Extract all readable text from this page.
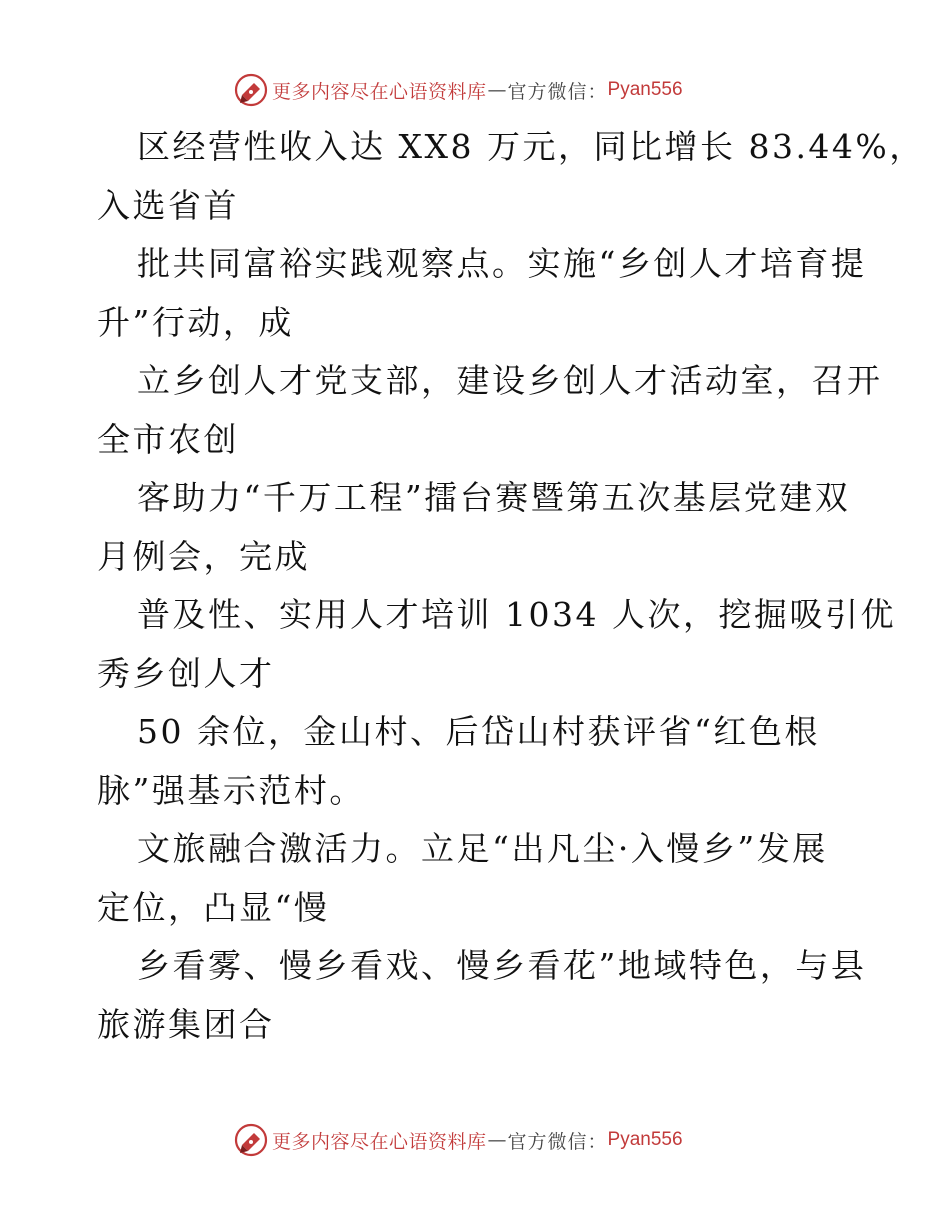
更多内容尽在心语资料库 — 官方微信： Pyan556
区经营性收入达 XX8 万元，同比增长 83.44%，
入选省首
批共同富裕实践观察点。实施“乡创人才培育提
升”行动，成
立乡创人才党支部，建设乡创人才活动室，召开
全市农创
客助力“千万工程”擂台赛暨第五次基层党建双
月例会，完成
普及性、实用人才培训 1034 人次，挖掘吸引优
秀乡创人才
50 余位，金山村、后岱山村获评省“红色根
脉”强基示范村。
文旅融合激活力。立足“出凡尘·入慢乡”发展
定位，凸显“慢
乡看雾、慢乡看戏、慢乡看花”地域特色，与县
旅游集团合
更多内容尽在心语资料库 — 官方微信： Pyan556
